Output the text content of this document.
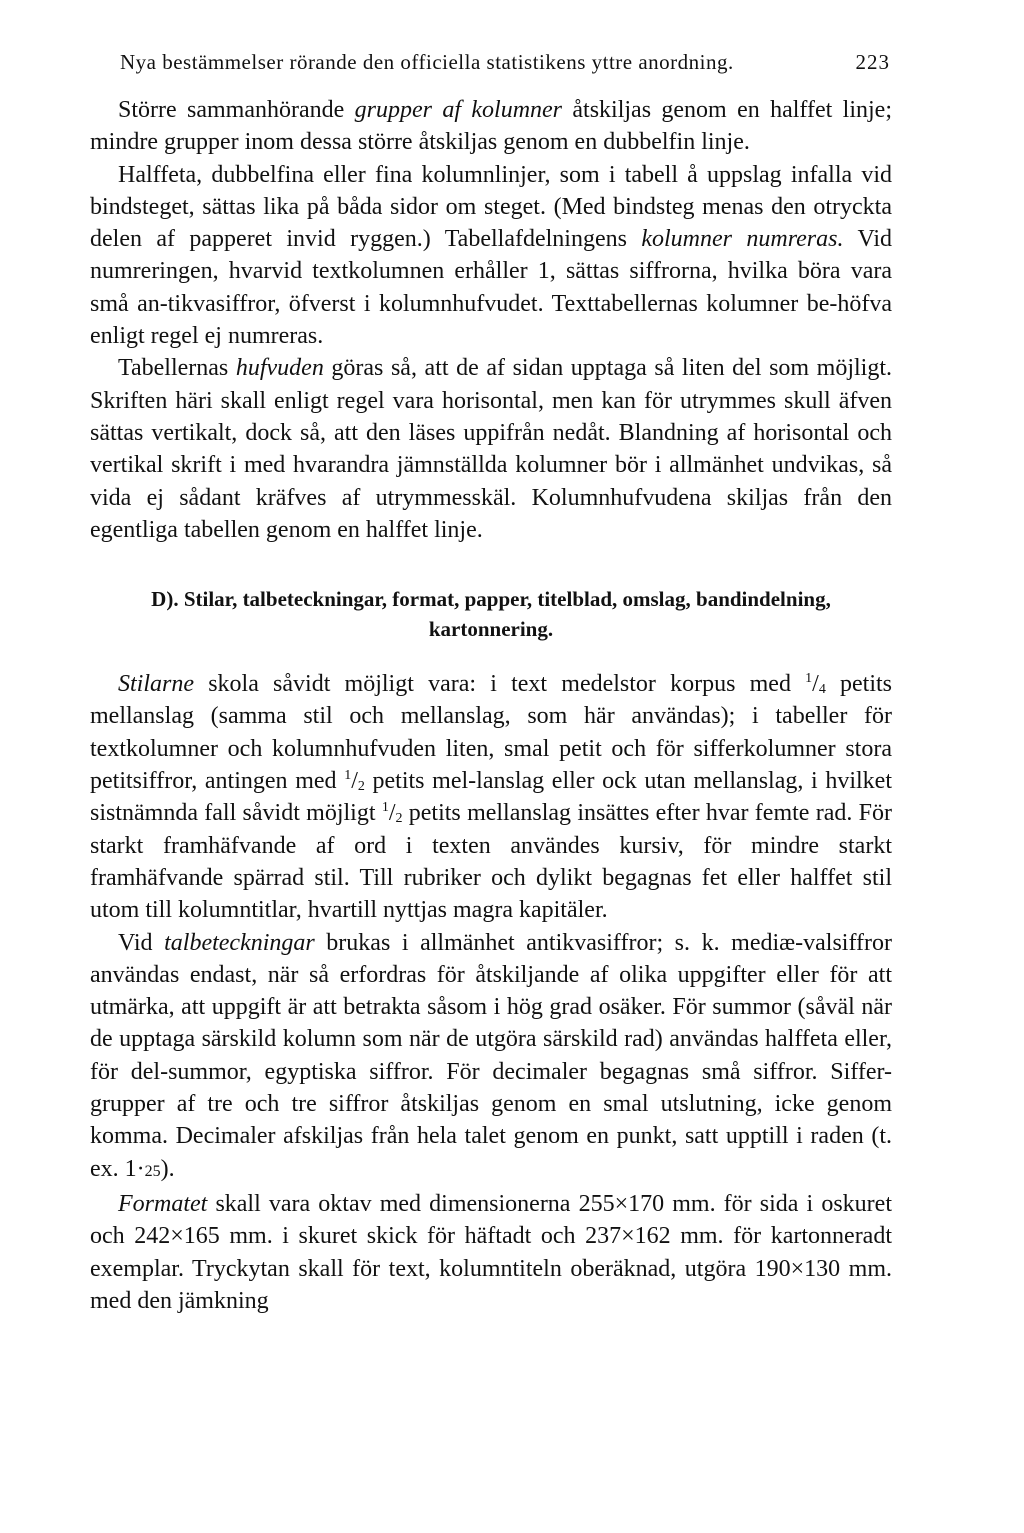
Nya bestämmelser rörande den officiella statistikens yttre anordning.	223

Större sammanhörande grupper af kolumner åtskiljas genom en halffet linje; mindre grupper inom dessa större åtskiljas genom en dubbelfin linje.

Halffeta, dubbelfina eller fina kolumnlinjer, som i tabell å uppslag infalla vid bindsteget, sättas lika på båda sidor om steget. (Med bindsteg menas den otryckta delen af papperet invid ryggen.) Tabellafdelningens kolumner numreras. Vid numreringen, hvarvid textkolumnen erhåller 1, sättas siffrorna, hvilka böra vara små an-tikvasiffror, öfverst i kolumnhufvudet. Texttabellernas kolumner be-höfva enligt regel ej numreras.

Tabellernas hufvuden göras så, att de af sidan upptaga så liten del som möjligt. Skriften häri skall enligt regel vara horisontal, men kan för utrymmes skull äfven sättas vertikalt, dock så, att den läses uppifrån nedåt. Blandning af horisontal och vertikal skrift i med hvarandra jämnställda kolumner bör i allmänhet undvikas, så vida ej sådant kräfves af utrymmesskäl. Kolumnhufvudena skiljas från den egentliga tabellen genom en halffet linje.

D). Stilar, talbeteckningar, format, papper, titelblad, omslag, bandindelning, kartonnering.

Stilarne skola såvidt möjligt vara: i text medelstor korpus med $^1/_4$ petits mellanslag (samma stil och mellanslag, som här användas); i tabeller för textkolumner och kolumnhufvuden liten, smal petit och för sifferkolumner stora petitsiffror, antingen med $^1/_2$ petits mel-lanslag eller ock utan mellanslag, i hvilket sistnämnda fall såvidt möjligt $^1/_2$ petits mellanslag insättes efter hvar femte rad. För starkt framhäfvande af ord i texten användes kursiv, för mindre starkt framhäfvande spärrad stil. Till rubriker och dylikt begagnas fet eller halffet stil utom till kolumntitlar, hvartill nyttjas magra kapitäler.

Vid talbeteckningar brukas i allmänhet antikvasiffror; s. k. mediæ-valsiffror användas endast, när så erfordras för åtskiljande af olika uppgifter eller för att utmärka, att uppgift är att betrakta såsom i hög grad osäker. För summor (såväl när de upptaga särskild kolumn som när de utgöra särskild rad) användas halffeta eller, för del-summor, egyptiska siffror. För decimaler begagnas små siffror. Siffer-grupper af tre och tre siffror åtskiljas genom en smal utslutning, icke genom komma. Decimaler afskiljas från hela talet genom en punkt, satt upptill i raden (t. ex. 1·25).

Formatet skall vara oktav med dimensionerna 255×170 mm. för sida i oskuret och 242×165 mm. i skuret skick för häftadt och 237×162 mm. för kartonneradt exemplar. Tryckytan skall för text, kolumntiteln oberäknad, utgöra 190×130 mm. med den jämkning
